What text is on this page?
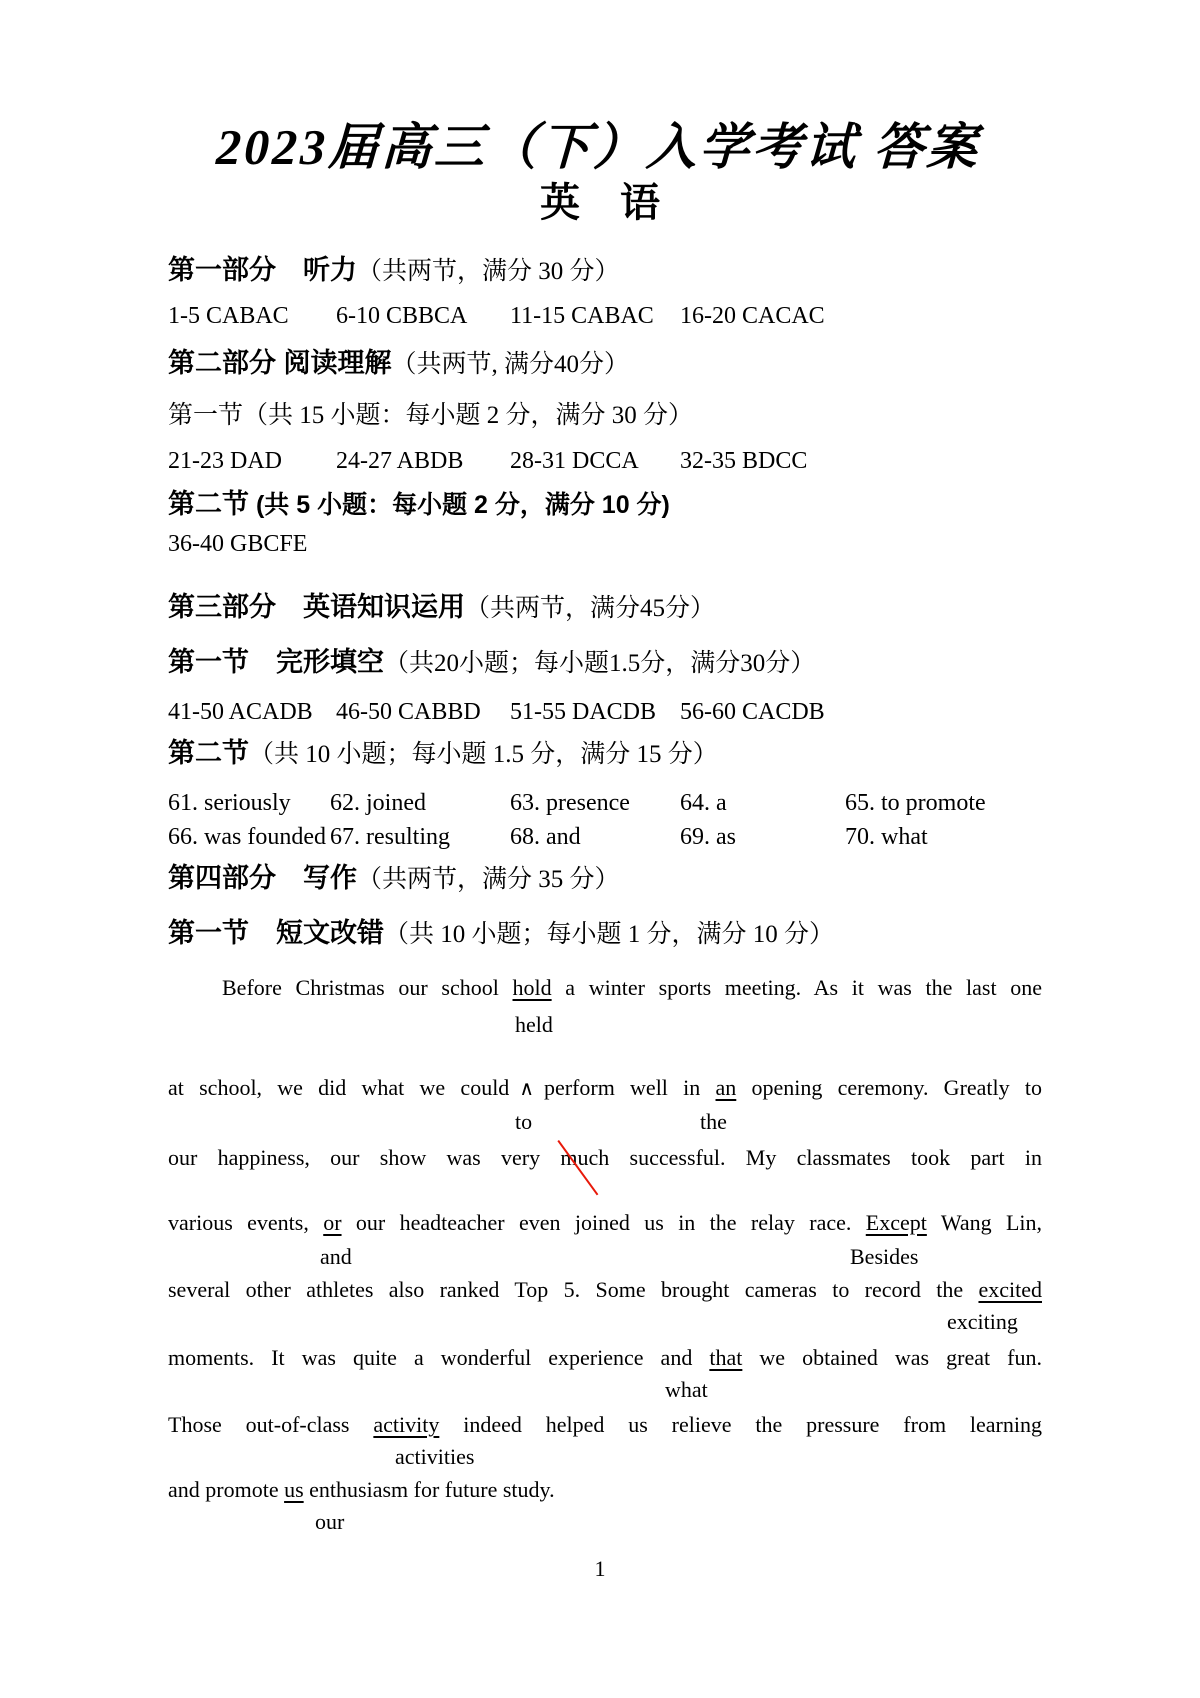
2023届高三（下）入学考试 答案
英　语
第一部分　听力（共两节，满分 30 分）
1-5 CABAC	6-10 CBBCA	11-15 CABAC	16-20 CACAC
第二部分 阅读理解（共两节, 满分40分）
第一节（共 15 小题：每小题 2 分，满分 30 分）
21-23 DAD	24-27 ABDB	28-31 DCCA	32-35 BDCC
第二节 (共 5 小题：每小题 2 分，满分 10 分)
36-40 GBCFE
第三部分　英语知识运用（共两节，满分45分）
第一节　完形填空（共20小题；每小题1.5分，满分30分）
41-50 ACADB 46-50 CABBD	51-55 DACDB 56-60 CACDB
第二节（共 10 小题；每小题 1.5 分，满分 15 分）
61. seriously	62. joined	63. presence	64. a	65. to promote
66. was founded 67. resulting	68. and	69. as	70. what
第四部分　写作（共两节，满分 35 分）
第一节　短文改错（共 10 小题；每小题 1 分，满分 10 分）
Before Christmas our school hold a winter sports meeting. As it was the last one
held
at school, we did what we could ∧ perform well in an opening ceremony. Greatly to
to	the
our happiness, our show was very much successful. My classmates took part in
various events, or our headteacher even joined us in the relay race. Except Wang Lin,
and	Besides
several other athletes also ranked Top 5. Some brought cameras to record the excited
exciting
moments. It was quite a wonderful experience and that we obtained was great fun.
what
Those out-of-class activity indeed helped us relieve the pressure from learning
activities
and promote us enthusiasm for future study.
our
1
